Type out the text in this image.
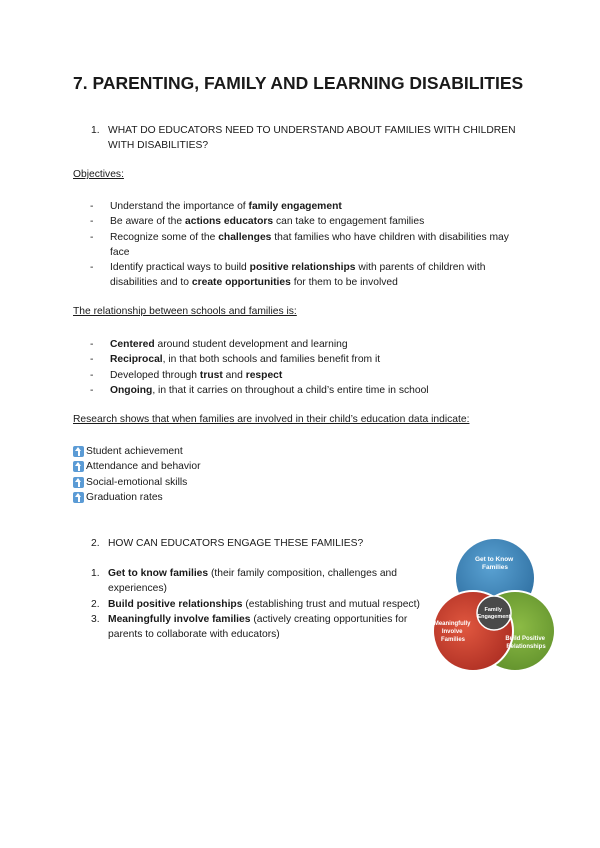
7. PARENTING, FAMILY AND LEARNING DISABILITIES
1. WHAT DO EDUCATORS NEED TO UNDERSTAND ABOUT FAMILIES WITH CHILDREN WITH DISABILITIES?
Objectives:
- Understand the importance of family engagement
- Be aware of the actions educators can take to engagement families
- Recognize some of the challenges that families who have children with disabilities may face
- Identify practical ways to build positive relationships with parents of children with disabilities and to create opportunities for them to be involved
The relationship between schools and families is:
- Centered around student development and learning
- Reciprocal, in that both schools and families benefit from it
- Developed through trust and respect
- Ongoing, in that it carries on throughout a child’s entire time in school
Research shows that when families are involved in their child’s education data indicate:
Student achievement
Attendance and behavior
Social-emotional skills
Graduation rates
2. HOW CAN EDUCATORS ENGAGE THESE FAMILIES?
1. Get to know families (their family composition, challenges and experiences)
2. Build positive relationships (establishing trust and mutual respect)
3. Meaningfully involve families (actively creating opportunities for parents to collaborate with educators)
Get to Know Families
Meaningfully Involve Families	Build Positive Relationships
Family Engagement
